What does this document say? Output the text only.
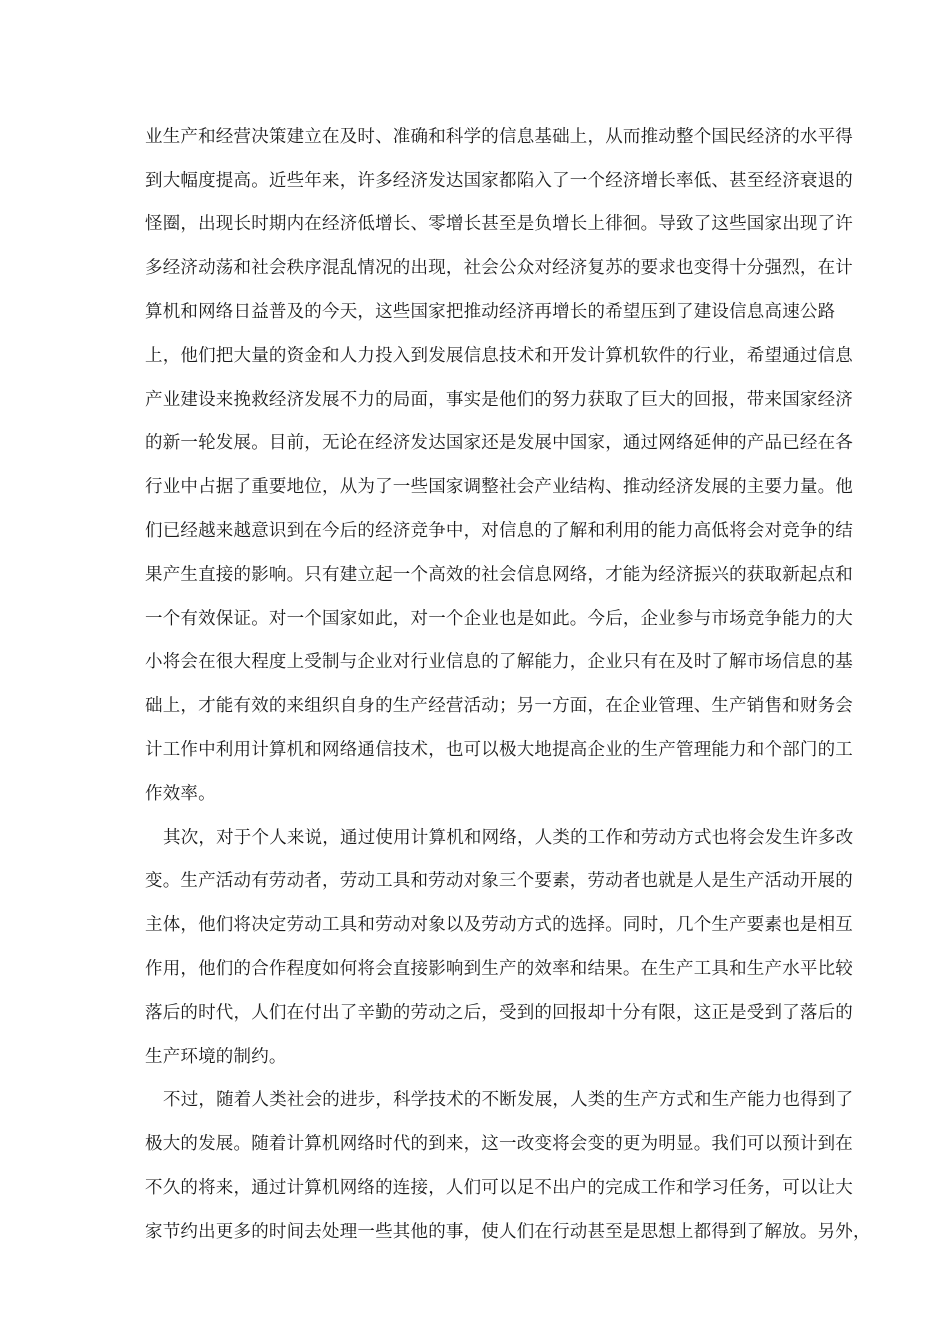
业生产和经营决策建立在及时、准确和科学的信息基础上，从而推动整个国民经济的水平得

到大幅度提高。近些年来，许多经济发达国家都陷入了一个经济增长率低、甚至经济衰退的

怪圈，出现长时期内在经济低增长、零增长甚至是负增长上徘徊。导致了这些国家出现了许

多经济动荡和社会秩序混乱情况的出现，社会公众对经济复苏的要求也变得十分强烈，在计

算机和网络日益普及的今天，这些国家把推动经济再增长的希望压到了建设信息高速公路

上，他们把大量的资金和人力投入到发展信息技术和开发计算机软件的行业，希望通过信息

产业建设来挽救经济发展不力的局面，事实是他们的努力获取了巨大的回报，带来国家经济

的新一轮发展。目前，无论在经济发达国家还是发展中国家，通过网络延伸的产品已经在各

行业中占据了重要地位，从为了一些国家调整社会产业结构、推动经济发展的主要力量。他

们已经越来越意识到在今后的经济竞争中，对信息的了解和利用的能力高低将会对竞争的结

果产生直接的影响。只有建立起一个高效的社会信息网络，才能为经济振兴的获取新起点和

一个有效保证。对一个国家如此，对一个企业也是如此。今后，企业参与市场竞争能力的大

小将会在很大程度上受制与企业对行业信息的了解能力，企业只有在及时了解市场信息的基

础上，才能有效的来组织自身的生产经营活动；另一方面，在企业管理、生产销售和财务会

计工作中利用计算机和网络通信技术，也可以极大地提高企业的生产管理能力和个部门的工

作效率。

其次，对于个人来说，通过使用计算机和网络，人类的工作和劳动方式也将会发生许多改

变。生产活动有劳动者，劳动工具和劳动对象三个要素，劳动者也就是人是生产活动开展的

主体，他们将决定劳动工具和劳动对象以及劳动方式的选择。同时，几个生产要素也是相互

作用，他们的合作程度如何将会直接影响到生产的效率和结果。在生产工具和生产水平比较

落后的时代，人们在付出了辛勤的劳动之后，受到的回报却十分有限，这正是受到了落后的

生产环境的制约。

不过，随着人类社会的进步，科学技术的不断发展，人类的生产方式和生产能力也得到了

极大的发展。随着计算机网络时代的到来，这一改变将会变的更为明显。我们可以预计到在

不久的将来，通过计算机网络的连接，人们可以足不出户的完成工作和学习任务，可以让大

家节约出更多的时间去处理一些其他的事，使人们在行动甚至是思想上都得到了解放。另外，
